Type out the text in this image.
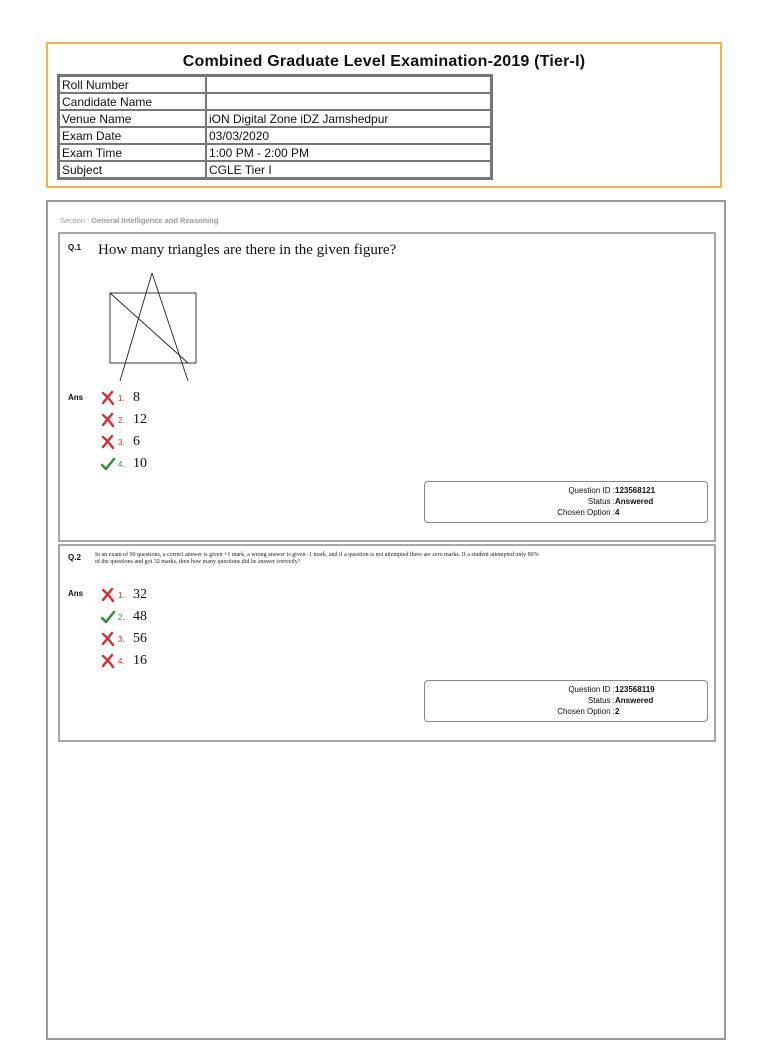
Combined Graduate Level Examination-2019 (Tier-I)
Roll Number	
Candidate Name	
Venue Name	iON Digital Zone iDZ Jamshedpur
Exam Date	03/03/2020
Exam Time	1:00 PM - 2:00 PM
Subject	CGLE Tier I
Section : General Intelligence and Reasoning
Q.1 How many triangles are there in the given figure?
Ans	1. 8
2. 12
3. 6
4. 10
Question ID :123568121
Status :Answered
Chosen Option :4
Q.2 In an exam of 90 questions, a correct answer is given +1 mark, a wrong answer is given -1 mark, and if a question is not attempted there are zero marks. If a student attempted only 80% of the questions and got 32 marks, then how many questions did he answer correctly?
Ans	1. 32
2. 48
3. 56
4. 16
Question ID :123568119
Status :Answered
Chosen Option :2
